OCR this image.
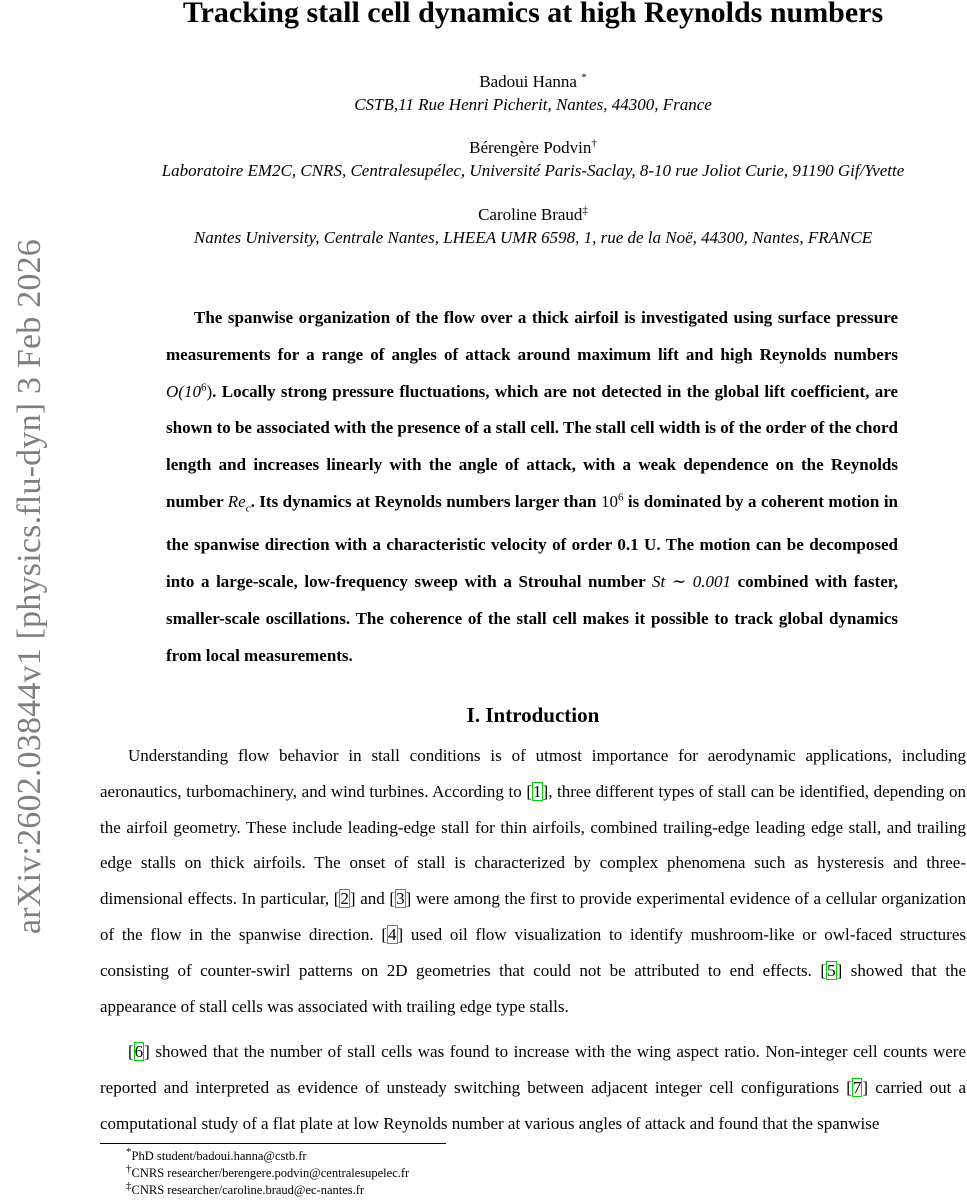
arXiv:2602.03844v1 [physics.flu-dyn] 3 Feb 2026
Tracking stall cell dynamics at high Reynolds numbers
Badoui Hanna *
CSTB,11 Rue Henri Picherit, Nantes, 44300, France
Bérengère Podvin†
Laboratoire EM2C, CNRS, Centralesupélec, Université Paris-Saclay, 8-10 rue Joliot Curie, 91190 Gif/Yvette
Caroline Braud‡
Nantes University, Centrale Nantes, LHEEA UMR 6598, 1, rue de la Noë, 44300, Nantes, FRANCE

The spanwise organization of the flow over a thick airfoil is investigated using surface pressure measurements for a range of angles of attack around maximum lift and high Reynolds numbers $O(10^6)$. Locally strong pressure fluctuations, which are not detected in the global lift coefficient, are shown to be associated with the presence of a stall cell. The stall cell width is of the order of the chord length and increases linearly with the angle of attack, with a weak dependence on the Reynolds number $Re_c$. Its dynamics at Reynolds numbers larger than $10^6$ is dominated by a coherent motion in the spanwise direction with a characteristic velocity of order 0.1 U. The motion can be decomposed into a large-scale, low-frequency sweep with a Strouhal number St ∼ 0.001 combined with faster, smaller-scale oscillations. The coherence of the stall cell makes it possible to track global dynamics from local measurements.

I. Introduction

Understanding flow behavior in stall conditions is of utmost importance for aerodynamic applications, including aeronautics, turbomachinery, and wind turbines. According to [1], three different types of stall can be identified, depending on the airfoil geometry. These include leading-edge stall for thin airfoils, combined trailing-edge leading edge stall, and trailing edge stalls on thick airfoils. The onset of stall is characterized by complex phenomena such as hysteresis and three-dimensional effects. In particular, [2] and [3] were among the first to provide experimental evidence of a cellular organization of the flow in the spanwise direction. [4] used oil flow visualization to identify mushroom-like or owl-faced structures consisting of counter-swirl patterns on 2D geometries that could not be attributed to end effects. [5] showed that the appearance of stall cells was associated with trailing edge type stalls.

[6] showed that the number of stall cells was found to increase with the wing aspect ratio. Non-integer cell counts were reported and interpreted as evidence of unsteady switching between adjacent integer cell configurations [7] carried out a computational study of a flat plate at low Reynolds number at various angles of attack and found that the spanwise

*PhD student/badoui.hanna@cstb.fr
†CNRS researcher/berengere.podvin@centralesupelec.fr
‡CNRS researcher/caroline.braud@ec-nantes.fr
